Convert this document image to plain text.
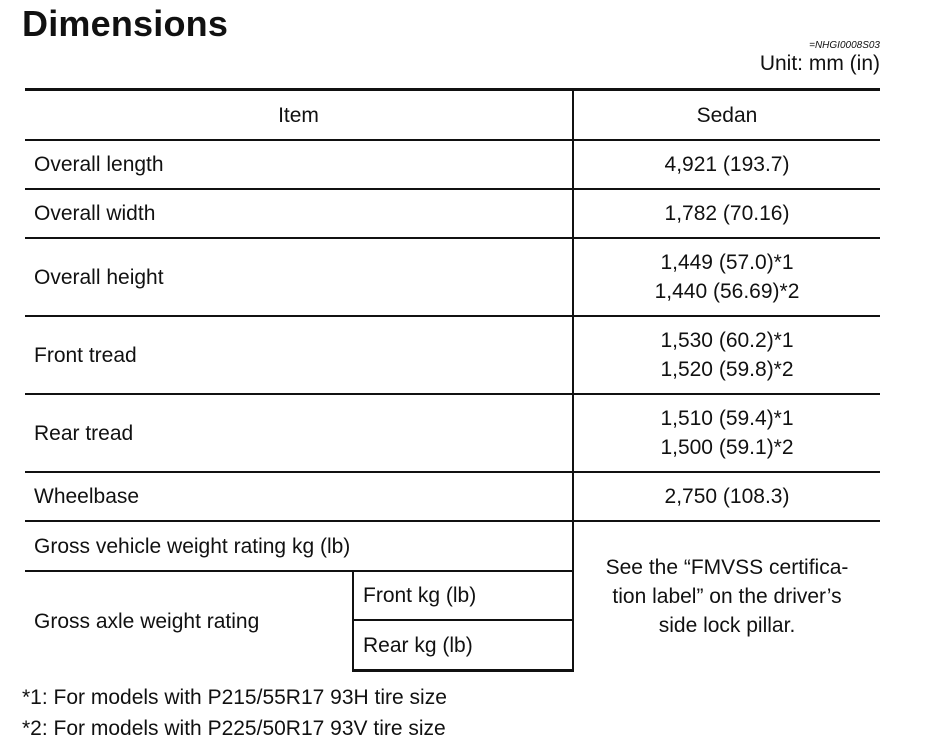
Dimensions
=NHGI0008S03
Unit: mm (in)
Item		Sedan
Overall length		4,921 (193.7)
Overall width		1,782 (70.16)
Overall height		1,449 (57.0)*1
1,440 (56.69)*2

Front tread		1,530 (60.2)*1
1,520 (59.8)*2

Rear tread		1,510 (59.4)*1
1,500 (59.1)*2

Wheelbase		2,750 (108.3)
Gross vehicle weight rating kg (lb)		See the “FMVSS certifica-
tion label” on the driver’s
side lock pillar.

Gross axle weight rating	Front kg (lb)	
	Rear kg (lb)	
*1: For models with P215/55R17 93H tire size
*2: For models with P225/50R17 93V tire size
